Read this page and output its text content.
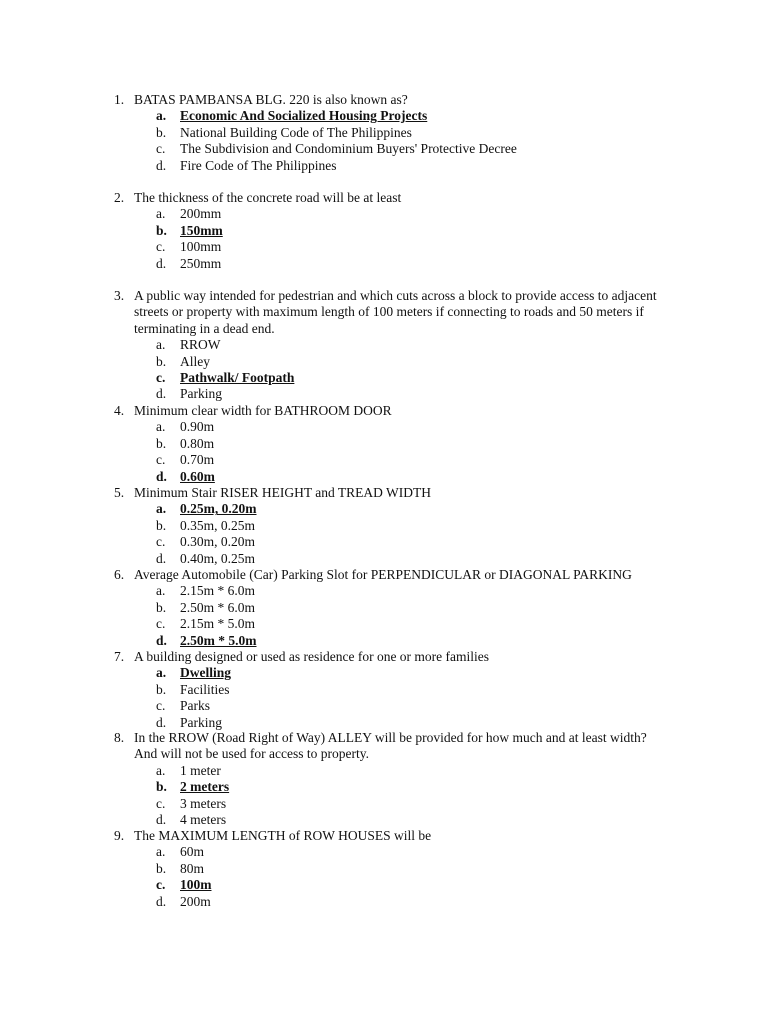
1. BATAS PAMBANSA BLG. 220 is also known as?
a. Economic And Socialized Housing Projects
b. National Building Code of The Philippines
c. The Subdivision and Condominium Buyers' Protective Decree
d. Fire Code of The Philippines
2. The thickness of the concrete road will be at least
a. 200mm
b. 150mm
c. 100mm
d. 250mm
3. A public way intended for pedestrian and which cuts across a block to provide access to adjacent
streets or property with maximum length of 100 meters if connecting to roads and 50 meters if
terminating in a dead end.
a. RROW
b. Alley
c. Pathwalk/ Footpath
d. Parking
4. Minimum clear width for BATHROOM DOOR
a. 0.90m
b. 0.80m
c. 0.70m
d. 0.60m
5. Minimum Stair RISER HEIGHT and TREAD WIDTH
a. 0.25m, 0.20m
b. 0.35m, 0.25m
c. 0.30m, 0.20m
d. 0.40m, 0.25m
6. Average Automobile (Car) Parking Slot for PERPENDICULAR or DIAGONAL PARKING
a. 2.15m * 6.0m
b. 2.50m * 6.0m
c. 2.15m * 5.0m
d. 2.50m * 5.0m
7. A building designed or used as residence for one or more families
a. Dwelling
b. Facilities
c. Parks
d. Parking
8. In the RROW (Road Right of Way) ALLEY will be provided for how much and at least width?
And will not be used for access to property.
a. 1 meter
b. 2 meters
c. 3 meters
d. 4 meters
9. The MAXIMUM LENGTH of ROW HOUSES will be
a. 60m
b. 80m
c. 100m
d. 200m
